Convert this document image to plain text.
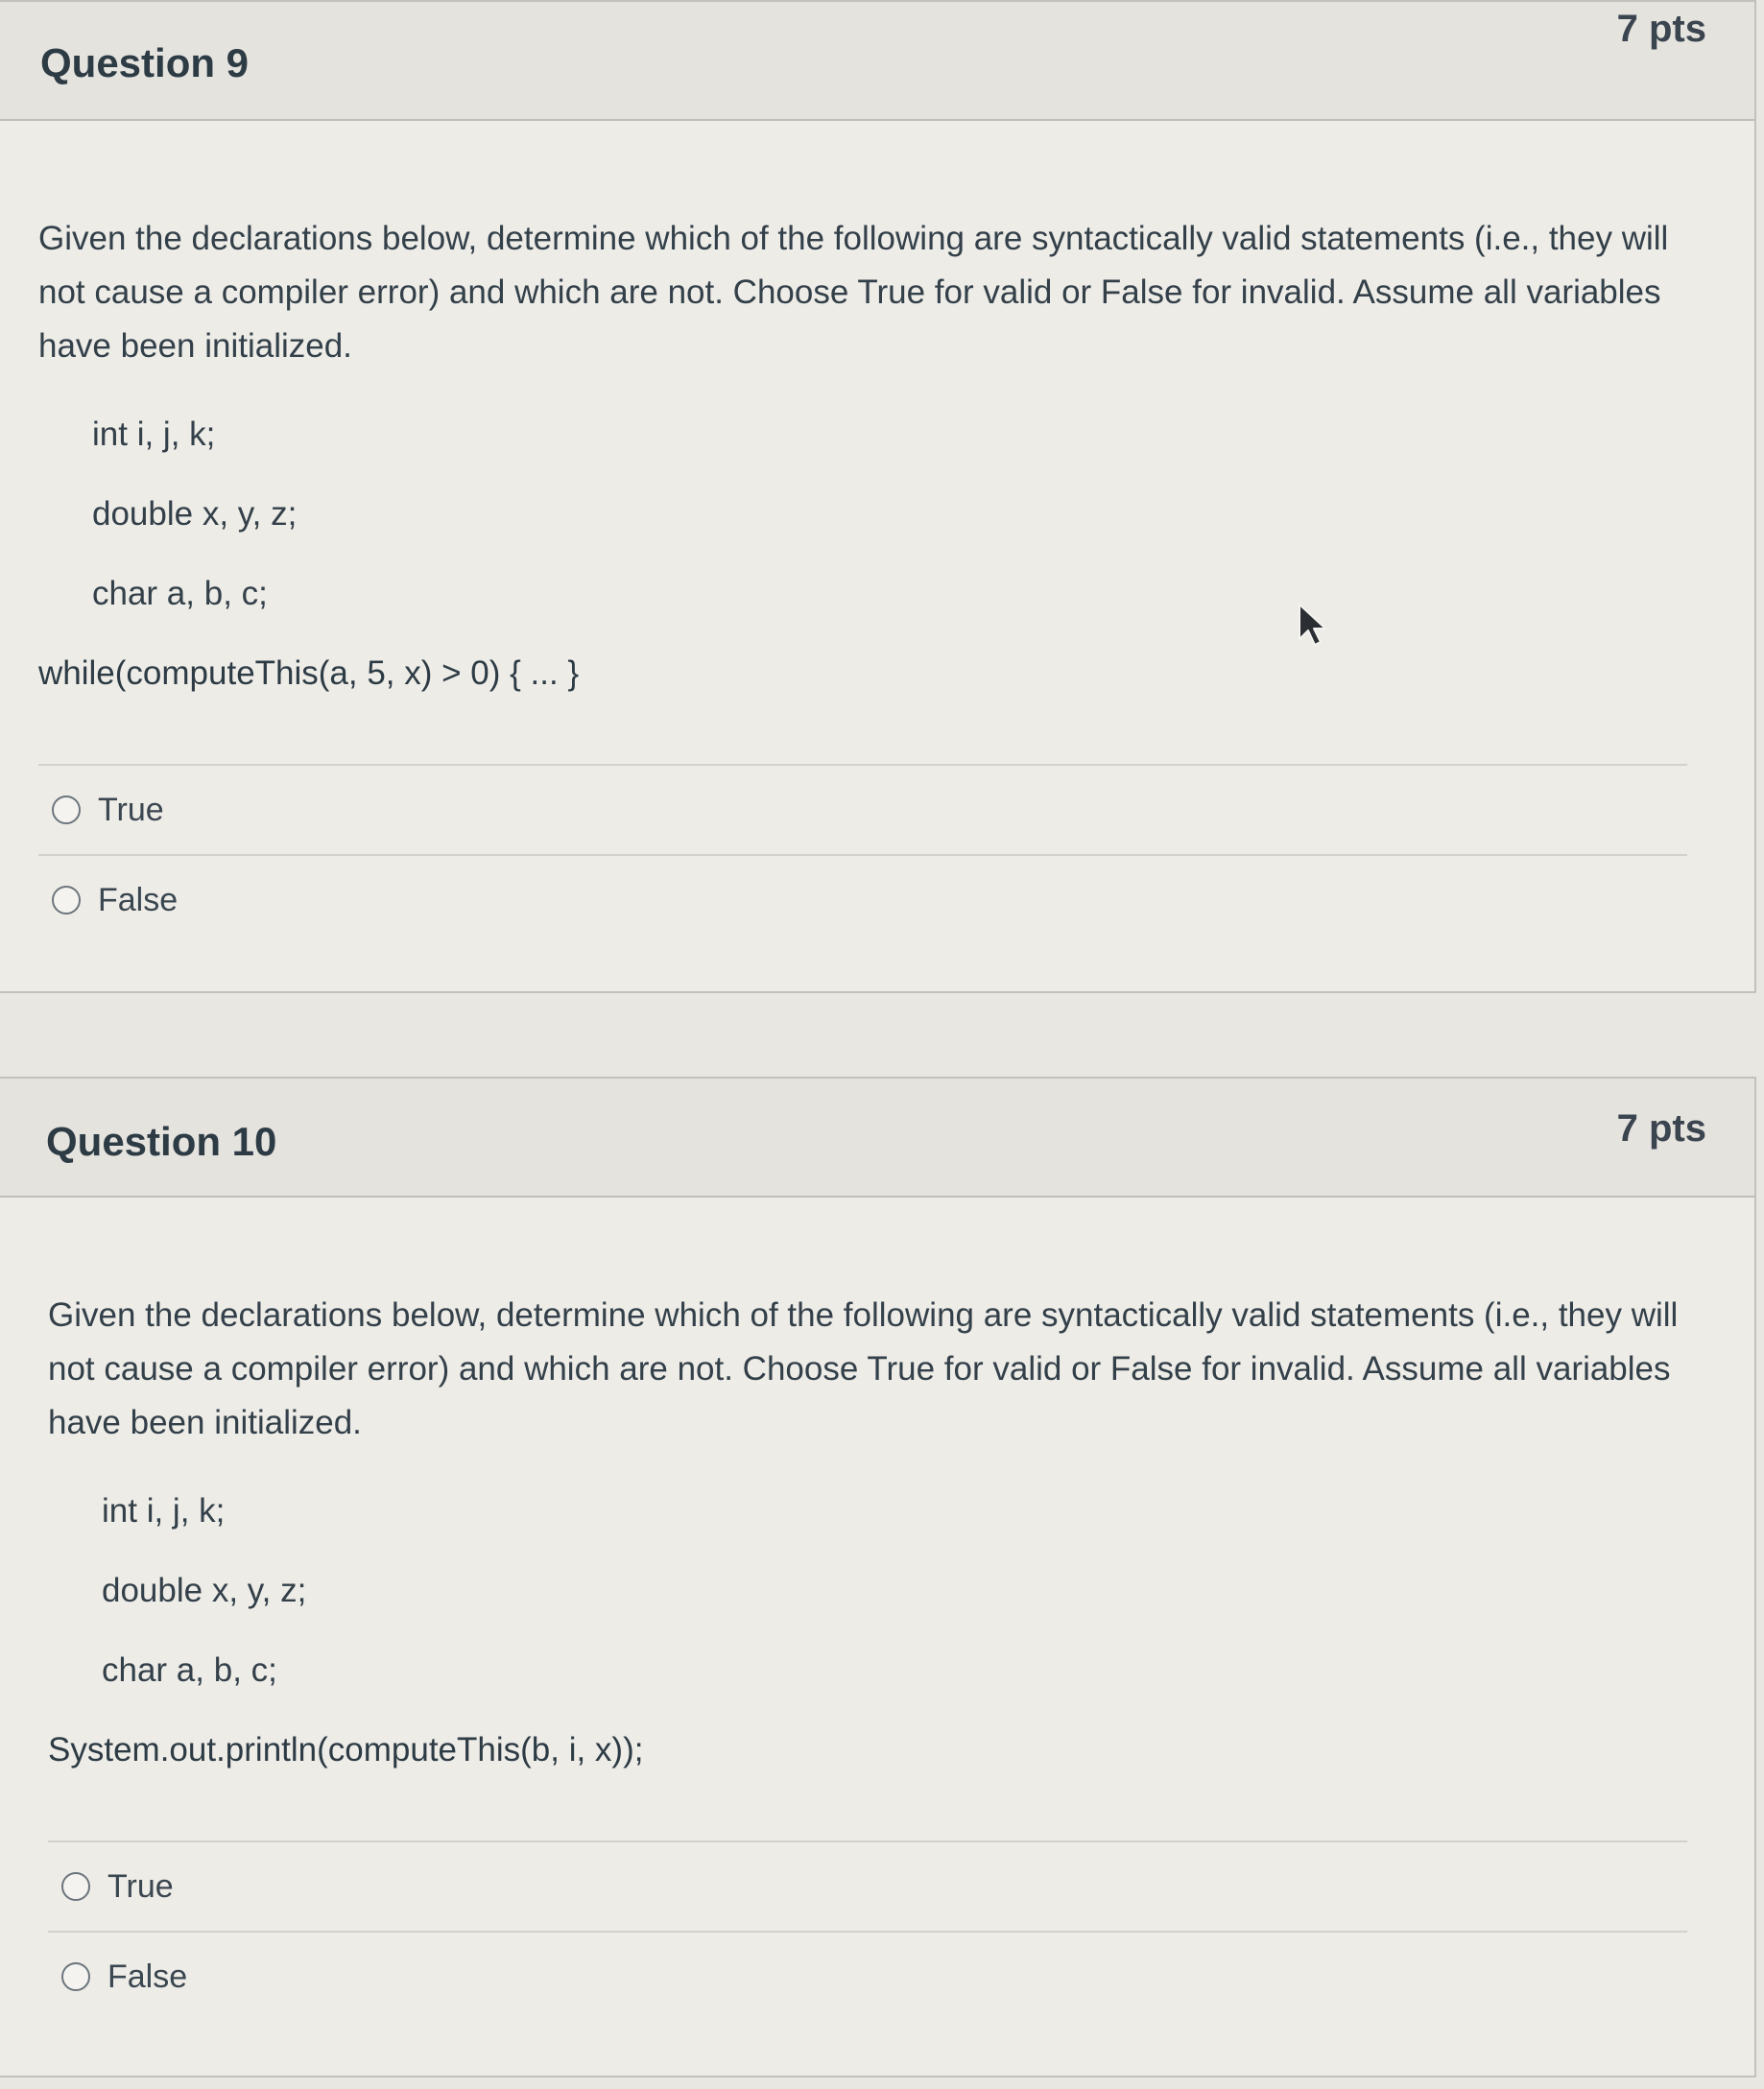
Question 9
7 pts
Given the declarations below, determine which of the following are syntactically valid statements (i.e., they will not cause a compiler error) and which are not. Choose True for valid or False for invalid. Assume all variables have been initialized.
int i, j, k;
double x, y, z;
char a, b, c;
while(computeThis(a, 5, x) > 0) { ... }
True
False
Question 10	7 pts
Given the declarations below, determine which of the following are syntactically valid statements (i.e., they will not cause a compiler error) and which are not. Choose True for valid or False for invalid. Assume all variables have been initialized.
int i, j, k;
double x, y, z;
char a, b, c;
System.out.println(computeThis(b, i, x));
True
False
